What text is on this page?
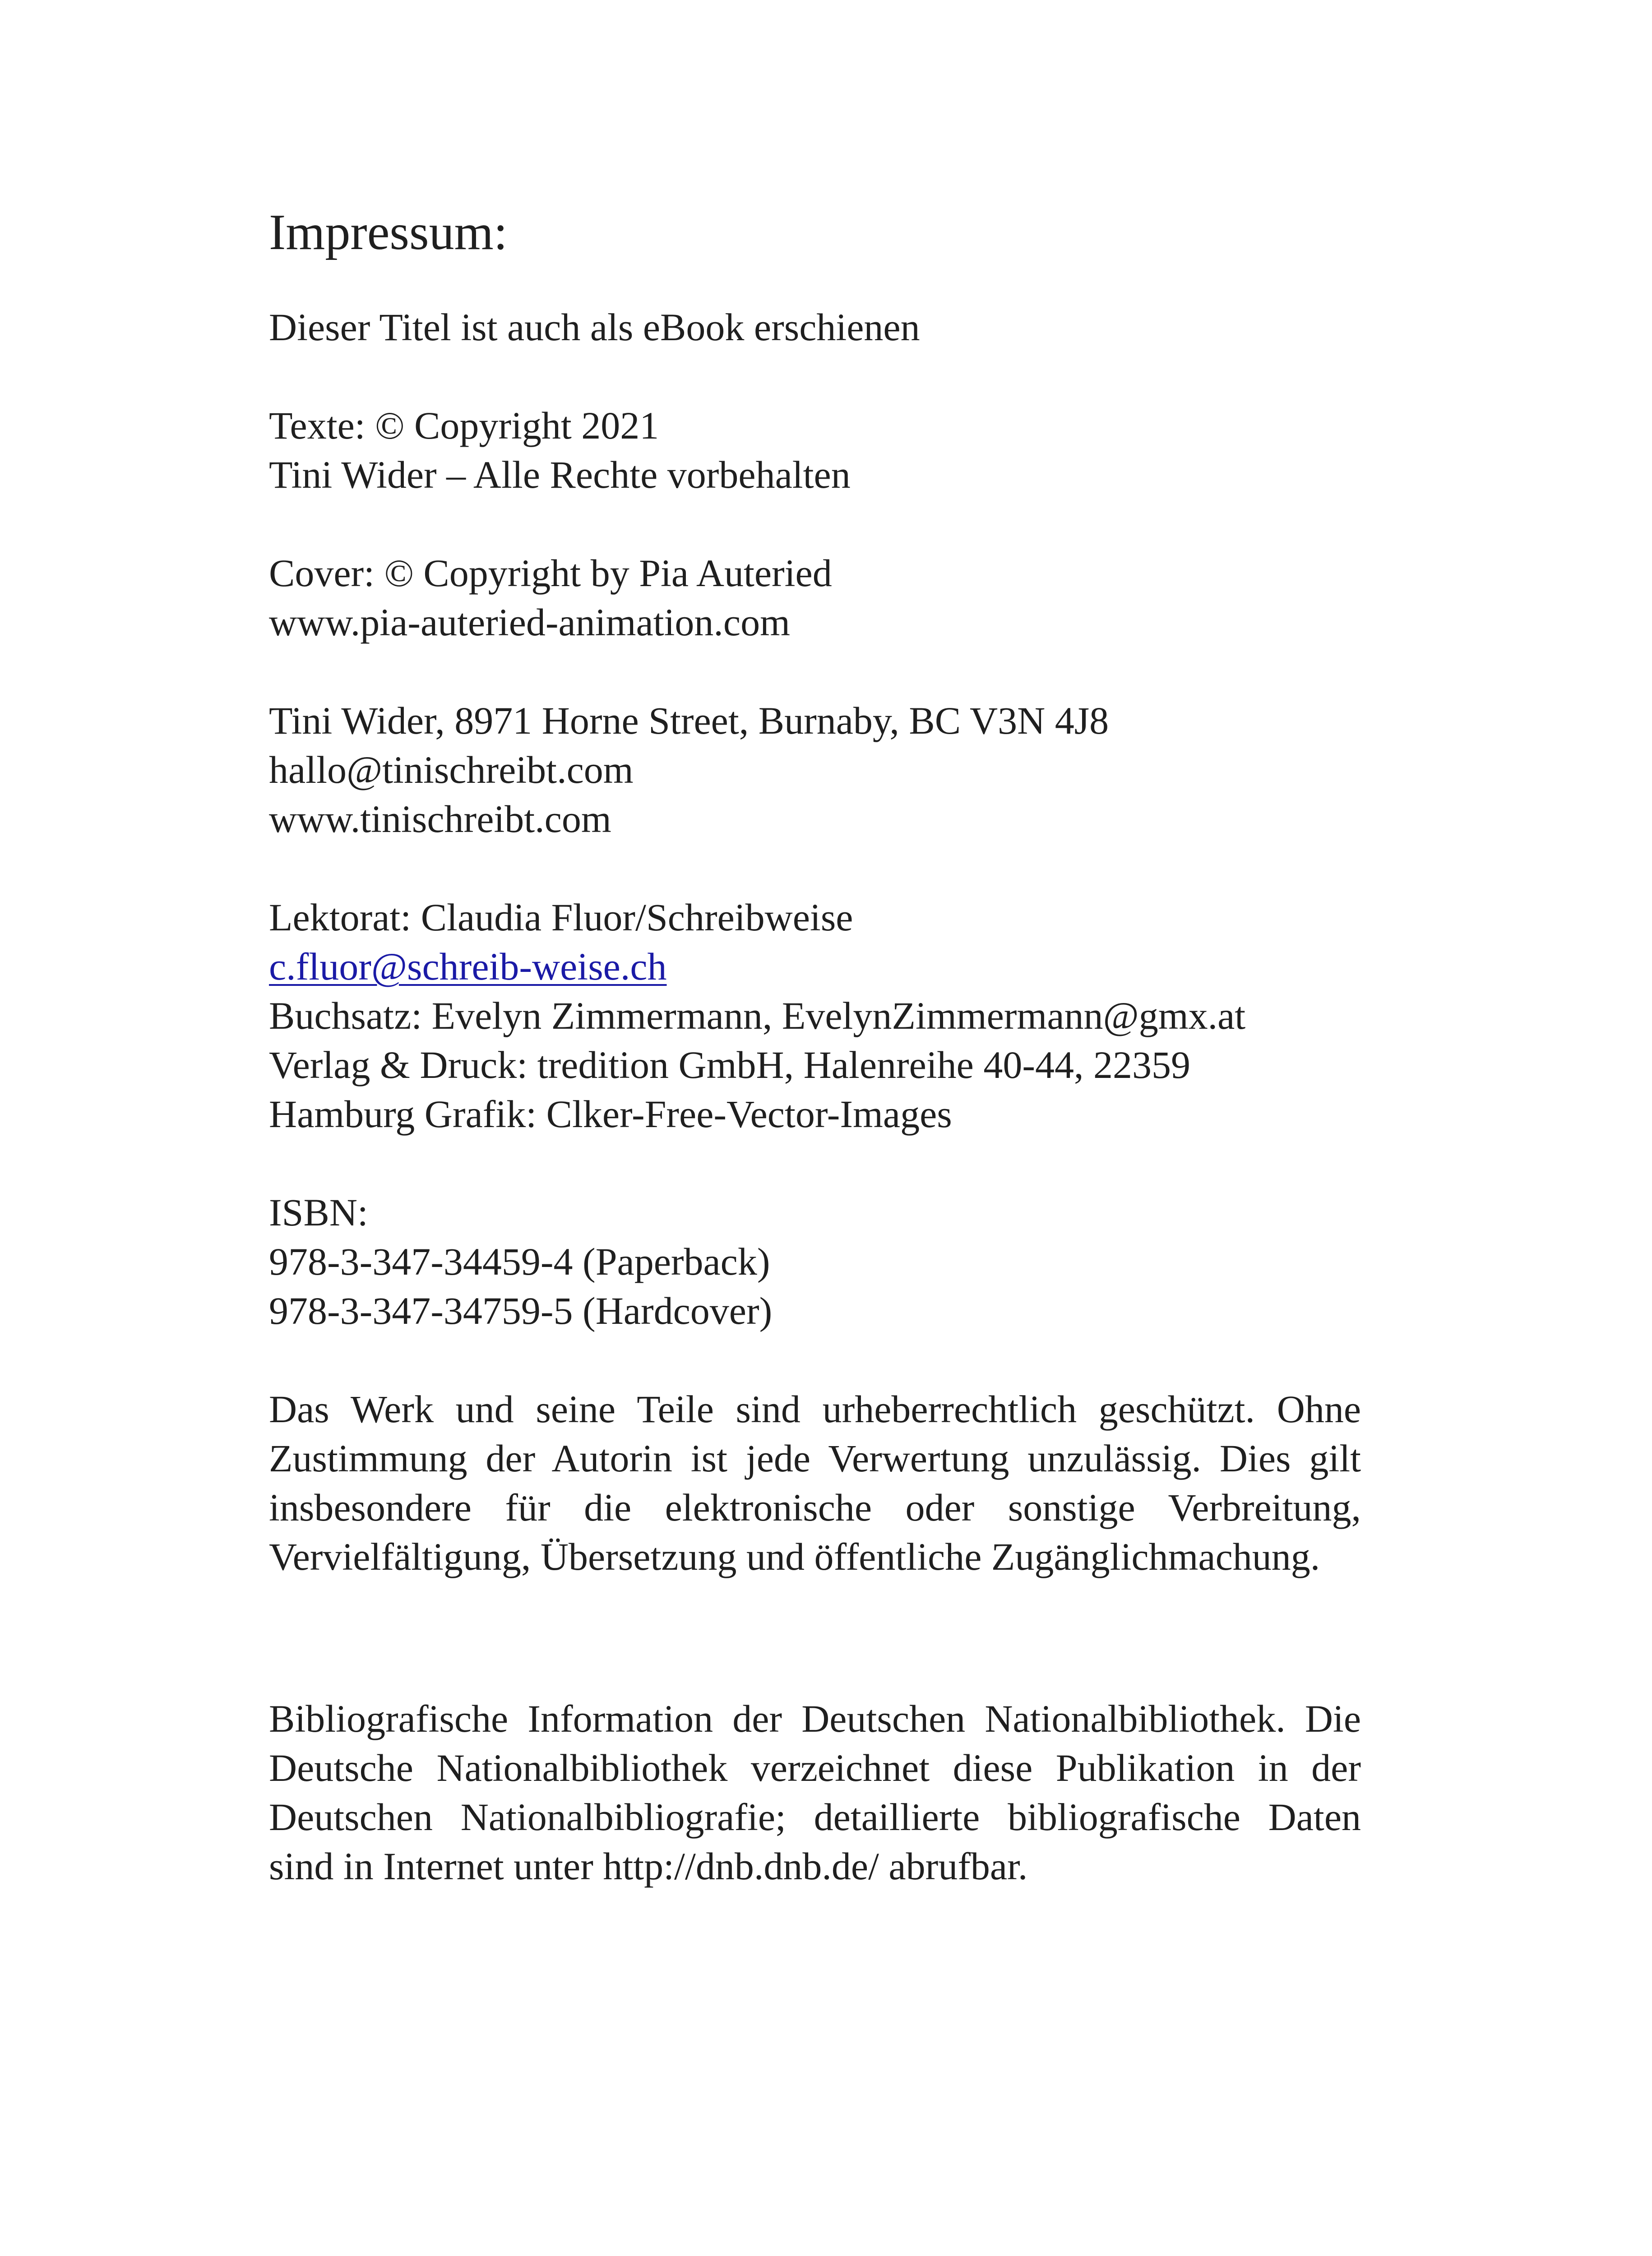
Impressum:
Dieser Titel ist auch als eBook erschienen
Texte: © Copyright 2021
Tini Wider – Alle Rechte vorbehalten
Cover: © Copyright by Pia Auteried
www.pia-auteried-animation.com
Tini Wider, 8971 Horne Street, Burnaby, BC V3N 4J8
hallo@tinischreibt.com
www.tinischreibt.com
Lektorat: Claudia Fluor/Schreibweise
c.fluor@schreib-weise.ch
Buchsatz: Evelyn Zimmermann, EvelynZimmermann@gmx.at
Verlag & Druck: tredition GmbH, Halenreihe 40-44, 22359
Hamburg Grafik: Clker-Free-Vector-Images
ISBN:
978-3-347-34459-4 (Paperback)
978-3-347-34759-5 (Hardcover)

Das Werk und seine Teile sind urheberrechtlich geschützt. Ohne Zustimmung der Autorin ist jede Verwertung unzulässig. Dies gilt insbesondere für die elektronische oder sonstige Verbreitung, Vervielfältigung, Übersetzung und öffentliche Zugänglichmachung.

Bibliografische Information der Deutschen Nationalbibliothek. Die Deutsche Nationalbibliothek verzeichnet diese Publikation in der Deutschen Nationalbibliografie; detaillierte bibliografische Daten sind in Internet unter http://dnb.dnb.de/ abrufbar.
